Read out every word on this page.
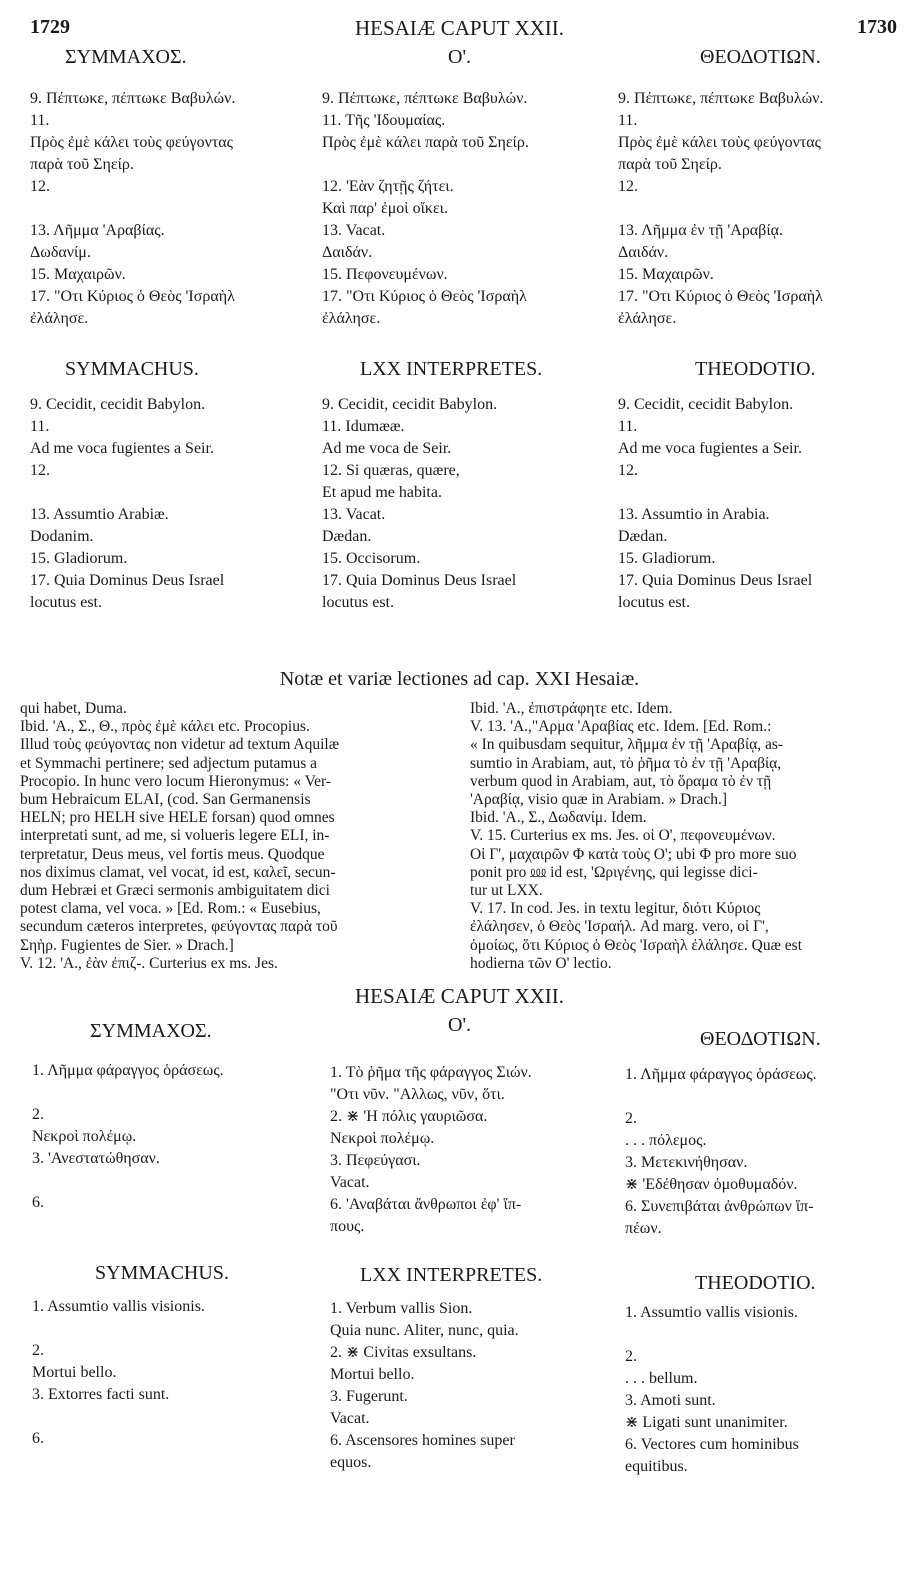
1729	HESAIÆ CAPUT XXII.	1730
ΣΥΜΜΑΧΟΣ.	Ο'.	ΘΕΟΔΟΤΙΩΝ.
9. Πέπτωκε, πέπτωκε Βαβυλών.
11.
Πρὸς ἐμὲ κάλει τοὺς φεύγοντας
παρὰ τοῦ Σηείρ.
12.

13. Λῆμμα 'Αραβίας.
Δωδανίμ.
15. Μαχαιρῶν.
17. "Οτι Κύριος ὁ Θεὸς 'Ισραὴλ
ἐλάλησε.
9. Πέπτωκε, πέπτωκε Βαβυλών.
11. Τῆς 'Ιδουμαίας.
Πρὸς ἐμὲ κάλει παρὰ τοῦ Σηείρ.

12. 'Εὰν ζητῇς ζήτει.
Καὶ παρ' ἐμοὶ οἴκει.
13. Vacat.
Δαιδάν.
15. Πεφονευμένων.
17. "Οτι Κύριος ὁ Θεὸς 'Ισραὴλ
ἐλάλησε.
9. Πέπτωκε, πέπτωκε Βαβυλών.
11.
Πρὸς ἐμὲ κάλει τοὺς φεύγοντας
παρὰ τοῦ Σηείρ.
12.

13. Λῆμμα ἐν τῇ 'Αραβίᾳ.
Δαιδάν.
15. Μαχαιρῶν.
17. "Οτι Κύριος ὁ Θεὸς 'Ισραὴλ
ἐλάλησε.
SYMMACHUS.	LXX INTERPRETES.	THEODOTIO.
9. Cecidit, cecidit Babylon.
11.
Ad me voca fugientes a Seir.
12.

13. Assumtio Arabiæ.
Dodanim.
15. Gladiorum.
17. Quia Dominus Deus Israel
locutus est.
9. Cecidit, cecidit Babylon.
11. Idumææ.
Ad me voca de Seir.
12. Si quæras, quære,
Et apud me habita.
13. Vacat.
Dædan.
15. Occisorum.
17. Quia Dominus Deus Israel
locutus est.
9. Cecidit, cecidit Babylon.
11.
Ad me voca fugientes a Seir.
12.

13. Assumtio in Arabia.
Dædan.
15. Gladiorum.
17. Quia Dominus Deus Israel
locutus est.
Notæ et variæ lectiones ad cap. XXI Hesaiæ.
qui habet, Duma.
Ibid. 'Α., Σ., Θ., πρὸς ἐμὲ κάλει etc. Procopius.
Illud τοὺς φεύγοντας non videtur ad textum Aquilæ
et Symmachi pertinere; sed adjectum putamus a
Procopio. In hunc vero locum Hieronymus: « Ver-
bum Hebraicum ELAI, (cod. San Germanensis
HELN; pro HELH sive HELE forsan) quod omnes
interpretati sunt, ad me, si volueris legere ELI, in-
terpretatur, Deus meus, vel fortis meus. Quodque
nos diximus clamat, vel vocat, id est, καλεῖ, secun-
dum Hebræi et Græci sermonis ambiguitatem dici
potest clama, vel voca. » [Ed. Rom.: « Eusebius,
secundum cæteros interpretes, φεύγοντας παρὰ τοῦ
Σηὴρ. Fugientes de Sier. » Drach.]
V. 12. 'Α., ἐὰν ἐπιζ-. Curterius ex ms. Jes.
Ibid. 'Α., ἐπιστράφητε etc. Idem.
V. 13. 'Α.,"Αρμα 'Αραβίας etc. Idem. [Ed. Rom.:
« In quibusdam sequitur, λῆμμα ἐν τῇ 'Αραβίᾳ, as-
sumtio in Arabiam, aut, τὸ ῥῆμα τὸ ἐν τῇ 'Αραβίᾳ,
verbum quod in Arabiam, aut, τὸ ὅραμα τὸ ἐν τῇ
'Αραβίᾳ, visio quæ in Arabiam. » Drach.]
Ibid. 'Α., Σ., Δωδανίμ. Idem.
V. 15. Curterius ex ms. Jes. οἱ Ο', πεφονευμένων.
Οἱ Γ', μαχαιρῶν Φ κατὰ τοὺς Ο'; ubi Φ pro more suo
ponit pro ⅏ id est, 'Ωριγένης, qui legisse dici-
tur ut LXX.
V. 17. In cod. Jes. in textu legitur, διότι Κύριος
ἐλάλησεν, ὁ Θεὸς 'Ισραήλ. Ad marg. vero, οἱ Γ',
ὁμοίως, ὅτι Κύριος ὁ Θεὸς 'Ισραὴλ ἐλάλησε. Quæ est
hodierna τῶν Ο' lectio.
HESAIÆ CAPUT XXII.
ΣΥΜΜΑΧΟΣ.	Ο'.
ΘΕΟΔΟΤΙΩΝ.
1. Λῆμμα φάραγγος ὁράσεως.

2.
Νεκροὶ πολέμῳ.
3. 'Ανεστατώθησαν.

6.
1. Τὸ ῥῆμα τῆς φάραγγος Σιών.
"Οτι νῦν. "Αλλως, νῦν, ὅτι.
2. ⋇ 'Η πόλις γαυριῶσα.
Νεκροὶ πολέμῳ.
3. Πεφεύγασι.
Vacat.
6. 'Αναβάται ἄνθρωποι ἐφ' ἵπ-
πους.
1. Λῆμμα φάραγγος ὁράσεως.

2.
. . . πόλεμος.
3. Μετεκινήθησαν.
⋇ 'Εδέθησαν ὁμοθυμαδόν.
6. Συνεπιβάται ἀνθρώπων ἵπ-
πέων.
SYMMACHUS.	LXX INTERPRETES.	THEODOTIO.
1. Assumtio vallis visionis.

2.
Mortui bello.
3. Extorres facti sunt.

6.
1. Verbum vallis Sion.
Quia nunc. Aliter, nunc, quia.
2. ⋇ Civitas exsultans.
Mortui bello.
3. Fugerunt.
Vacat.
6. Ascensores homines super
equos.
1. Assumtio vallis visionis.

2.
. . . bellum.
3. Amoti sunt.
⋇ Ligati sunt unanimiter.
6. Vectores cum hominibus
equitibus.
